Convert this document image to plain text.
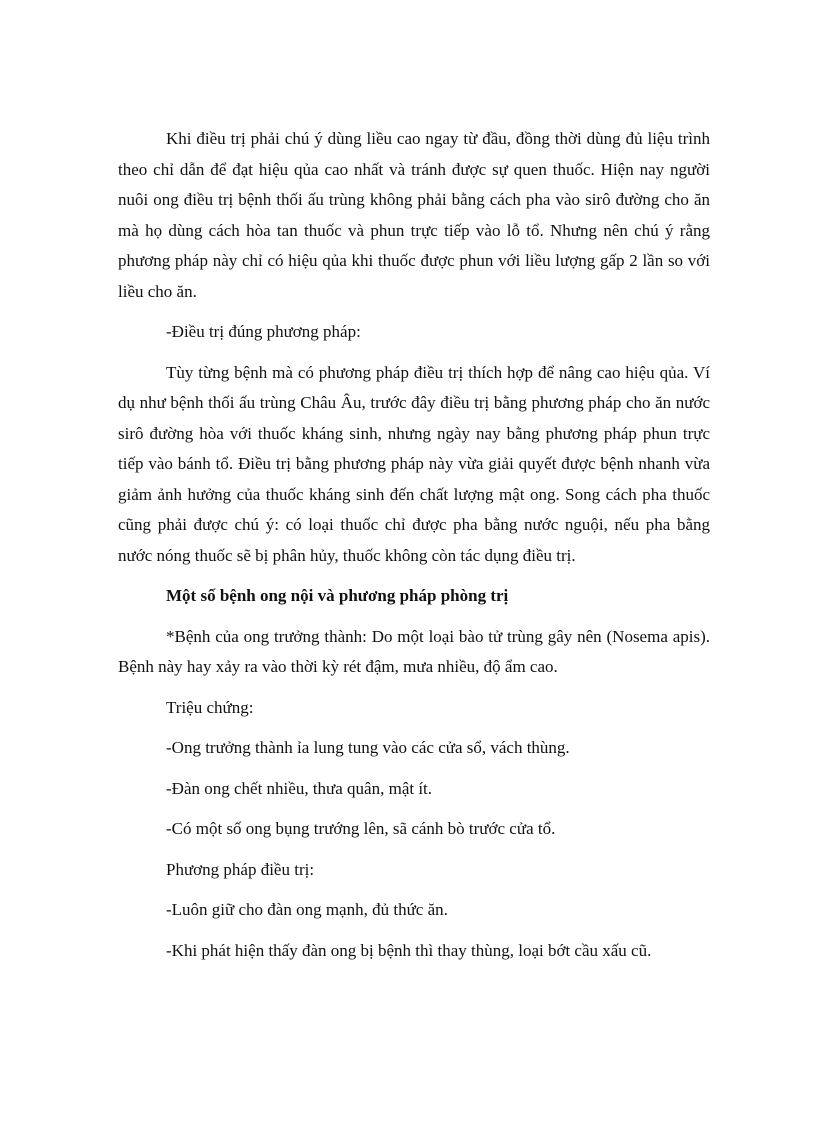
Khi điều trị phải chú ý dùng liều cao ngay từ đầu, đồng thời dùng đủ liệu trình theo chỉ dẫn để đạt hiệu qủa cao nhất và tránh được sự quen thuốc. Hiện nay người nuôi ong điều trị bệnh thối ấu trùng không phải bằng cách pha vào sirô đường cho ăn mà họ dùng cách hòa tan thuốc và phun trực tiếp vào lỗ tổ. Nhưng nên chú ý rằng phương pháp này chỉ có hiệu qủa khi thuốc được phun với liều lượng gấp 2 lần so với liều cho ăn.

-Điều trị đúng phương pháp:

Tùy từng bệnh mà có phương pháp điều trị thích hợp để nâng cao hiệu qủa. Ví dụ như bệnh thối ấu trùng Châu Âu, trước đây điều trị bằng phương pháp cho ăn nước sirô đường hòa với thuốc kháng sinh, nhưng ngày nay bằng phương pháp phun trực tiếp vào bánh tổ. Điều trị bằng phương pháp này vừa giải quyết được bệnh nhanh vừa giảm ảnh hưởng của thuốc kháng sinh đến chất lượng mật ong. Song cách pha thuốc cũng phải được chú ý: có loại thuốc chỉ được pha bằng nước nguội, nếu pha bằng nước nóng thuốc sẽ bị phân hủy, thuốc không còn tác dụng điều trị.

Một số bệnh ong nội và phương pháp phòng trị

*Bệnh của ong trưởng thành: Do một loại bào tử trùng gây nên (Nosema apis). Bệnh này hay xảy ra vào thời kỳ rét đậm, mưa nhiều, độ ẩm cao.

Triệu chứng:

-Ong trưởng thành ỉa lung tung vào các cửa sổ, vách thùng.

-Đàn ong chết nhiều, thưa quân, mật ít.

-Có một số ong bụng trướng lên, sã cánh bò trước cửa tổ.

Phương pháp điều trị:

-Luôn giữ cho đàn ong mạnh, đủ thức ăn.

-Khi phát hiện thấy đàn ong bị bệnh thì thay thùng, loại bớt cầu xấu cũ.
